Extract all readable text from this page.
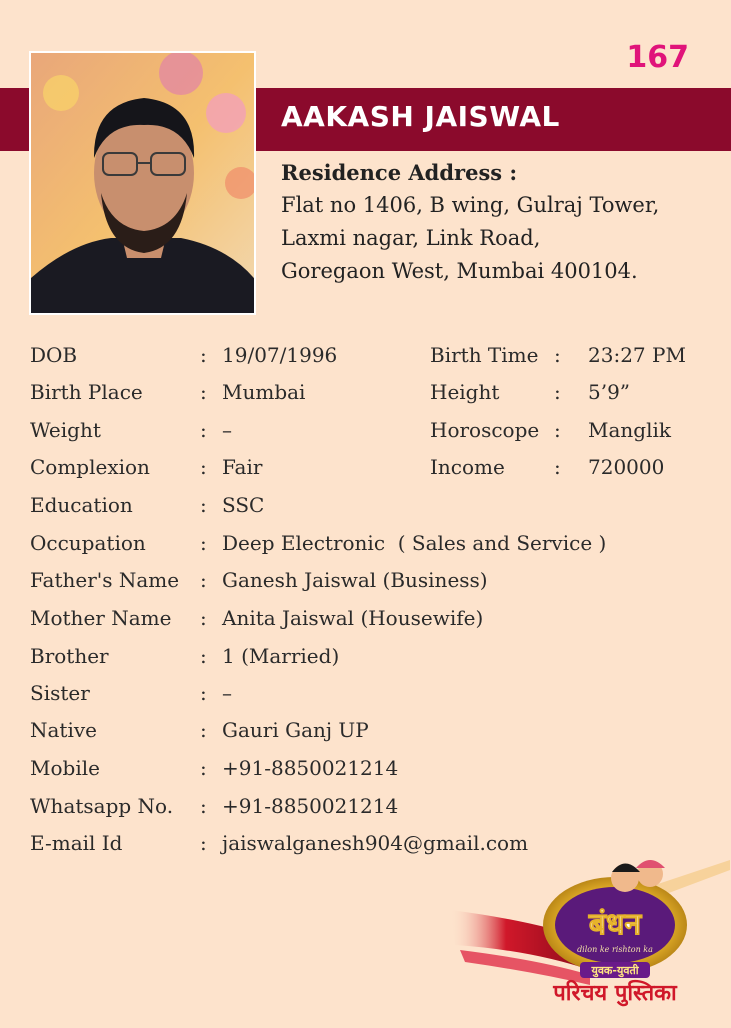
167
AAKASH JAISWAL
Residence Address :
Flat no 1406, B wing, Gulraj Tower,
Laxmi nagar, Link Road,
Goregaon West, Mumbai 400104.
DOB	: 19/07/1996	Birth Time : 23:27 PM
Birth Place	: Mumbai	Height	: 5’9”
Weight	: –	Horoscope : Manglik
Complexion	: Fair	Income : 720000
Education	: SSC
Occupation	: Deep Electronic  ( Sales and Service )
Father's Name : Ganesh Jaiswal (Business)
Mother Name : Anita Jaiswal (Housewife)
Brother	: 1 (Married)
Sister	: –
Native	: Gauri Ganj UP
Mobile	: +91-8850021214
Whatsapp No. : +91-8850021214
E-mail Id	: jaiswalganesh904@gmail.com
बंधन
dilon ke rishton ka
युवक-युवती
परिचय पुस्तिका
